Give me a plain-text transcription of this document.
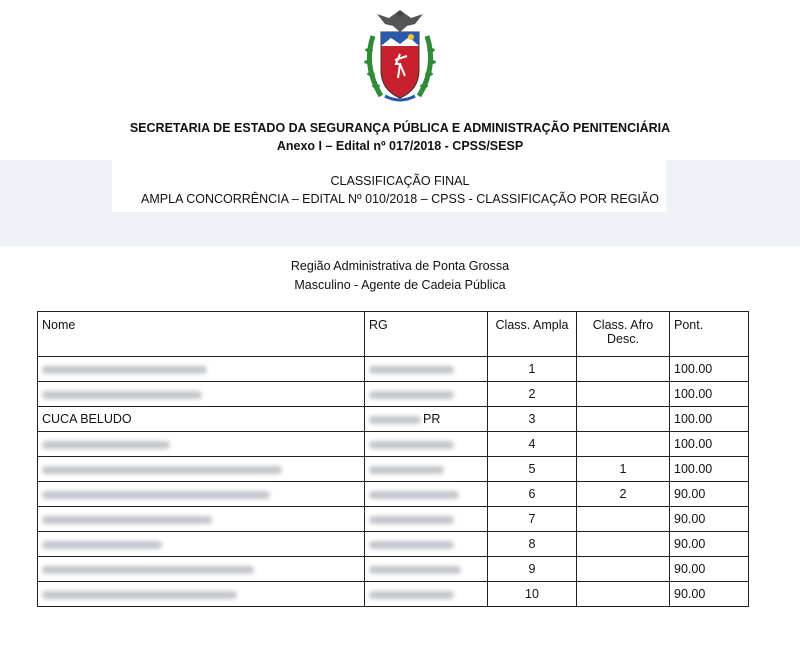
SECRETARIA DE ESTADO DA SEGURANÇA PÚBLICA E ADMINISTRAÇÃO PENITENCIÁRIA
Anexo I – Edital nº 017/2018 - CPSS/SESP
CLASSIFICAÇÃO FINAL
AMPLA CONCORRÊNCIA – EDITAL Nº 010/2018 – CPSS - CLASSIFICAÇÃO POR REGIÃO
Região Administrativa de Ponta Grossa
Masculino - Agente de Cadeia Pública
Nome	RG	Class. Ampla	Class. Afro Desc.	Pont.
		1		100.00
		2		100.00
CUCA BELUDO	PR	3		100.00
		4		100.00
		5	1	100.00
		6	2	90.00
		7		90.00
		8		90.00
		9		90.00
		10		90.00
